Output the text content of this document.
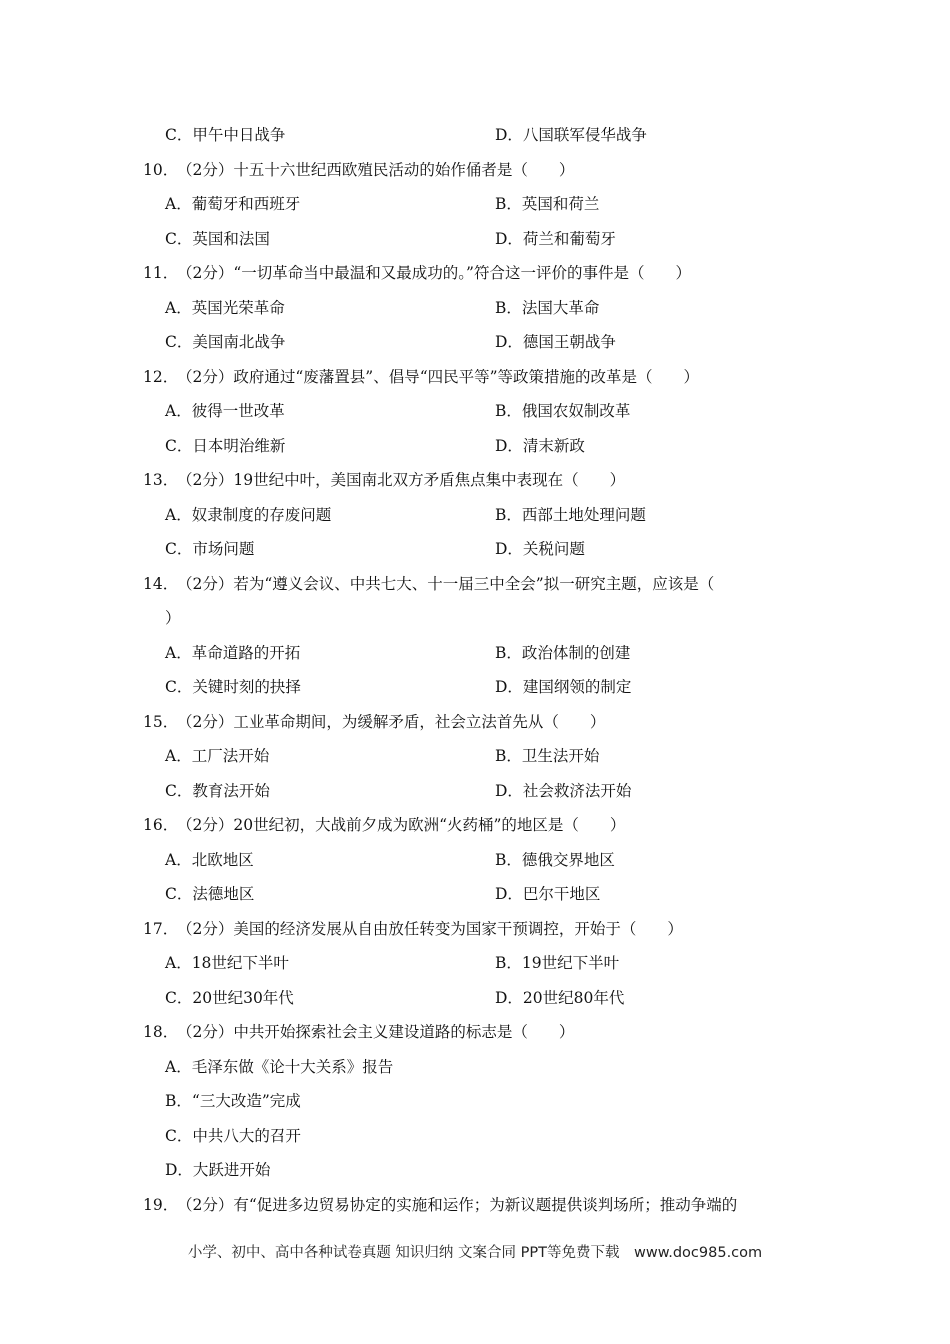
C．甲午中日战争	D．八国联军侵华战争
10．
（2分）十五十六世纪西欧殖民活动的始作俑者是（　　）
A．葡萄牙和西班牙	B．英国和荷兰
C．英国和法国	D．荷兰和葡萄牙
11．
（2分）“一切革命当中最温和又最成功的。”符合这一评价的事件是（　　）
A．英国光荣革命	B．法国大革命
C．美国南北战争	D．德国王朝战争
12．
（2分）政府通过“废藩置县”、倡导“四民平等”等政策措施的改革是（　　）
A．彼得一世改革	B．俄国农奴制改革
C．日本明治维新	D．清末新政
13．
（2分）19世纪中叶，美国南北双方矛盾焦点集中表现在（　　）
A．奴隶制度的存废问题	B．西部土地处理问题
C．市场问题	D．关税问题
14．
（2分）若为“遵义会议、中共七大、十一届三中全会”拟一研究主题，应该是（
）
A．革命道路的开拓	B．政治体制的创建
C．关键时刻的抉择	D．建国纲领的制定
15．
（2分）工业革命期间，为缓解矛盾，社会立法首先从（　　）
A．工厂法开始	B．卫生法开始
C．教育法开始	D．社会救济法开始
16．
（2分）20世纪初，大战前夕成为欧洲“火药桶”的地区是（　　）
A．北欧地区	B．德俄交界地区
C．法德地区	D．巴尔干地区
17．
（2分）美国的经济发展从自由放任转变为国家干预调控，开始于（　　）
A．18世纪下半叶	B．19世纪下半叶
C．20世纪30年代	D．20世纪80年代
18．
（2分）中共开始探索社会主义建设道路的标志是（　　）
A．毛泽东做《论十大关系》报告
B．“三大改造”完成
C．中共八大的召开
D．大跃进开始
19．
（2分）有“促进多边贸易协定的实施和运作；为新议题提供谈判场所；推动争端的
小学、初中、高中各种试卷真题 知识归纳 文案合同 PPT等免费下载　www.doc985.com
